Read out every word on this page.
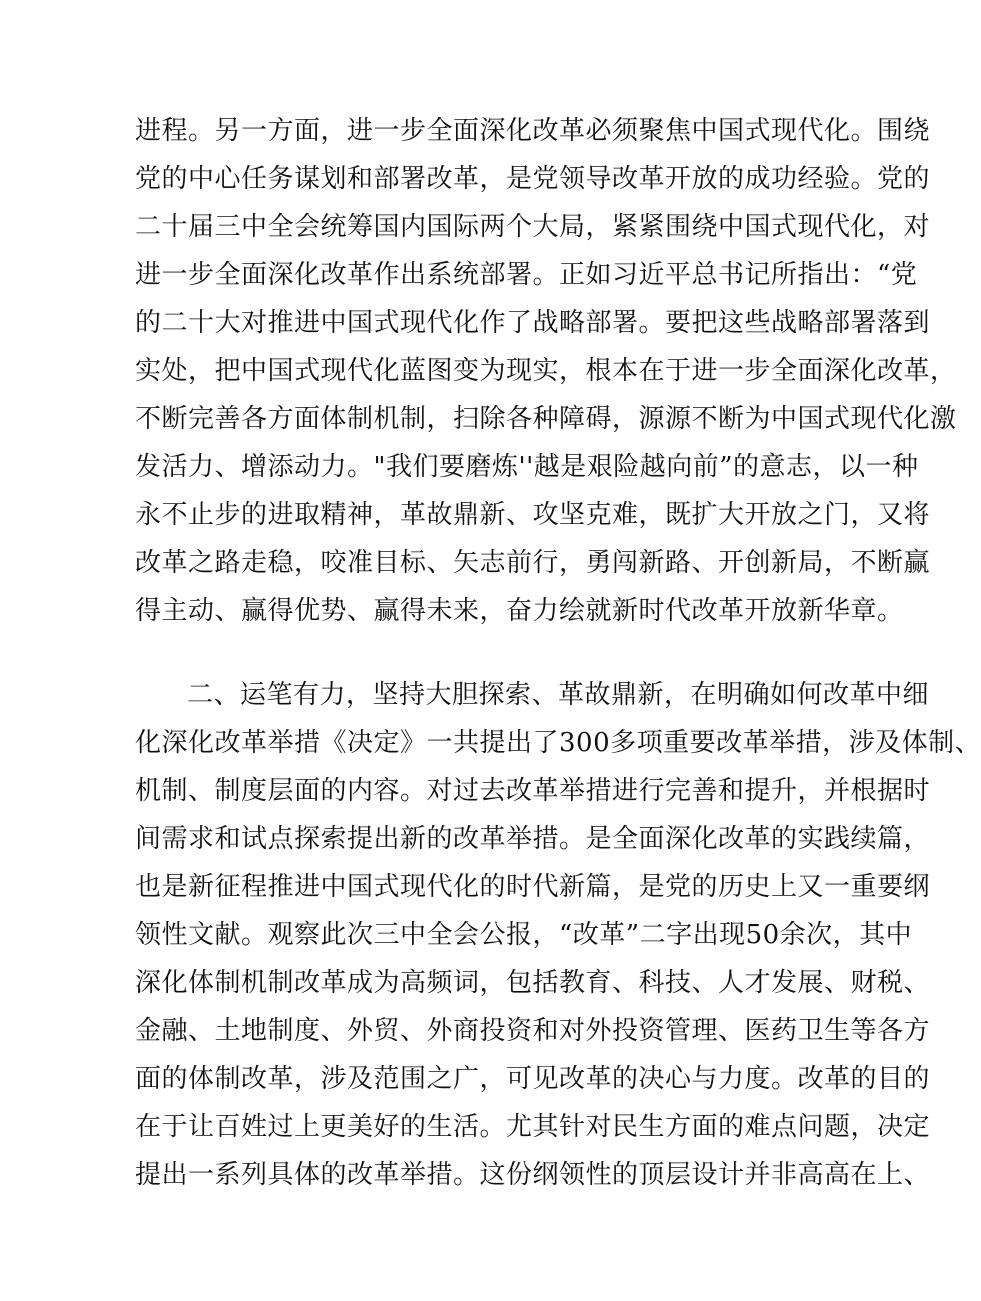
进程。另一方面，进一步全面深化改革必须聚焦中国式现代化。围绕
党的中心任务谋划和部署改革，是党领导改革开放的成功经验。党的
二十届三中全会统筹国内国际两个大局，紧紧围绕中国式现代化，对
进一步全面深化改革作出系统部署。正如习近平总书记所指出：“党
的二十大对推进中国式现代化作了战略部署。要把这些战略部署落到
实处，把中国式现代化蓝图变为现实，根本在于进一步全面深化改革，
不断完善各方面体制机制，扫除各种障碍，源源不断为中国式现代化激
发活力、增添动力。"我们要磨炼''越是艰险越向前”的意志，以一种
永不止步的进取精神，革故鼎新、攻坚克难，既扩大开放之门，又将
改革之路走稳，咬准目标、矢志前行，勇闯新路、开创新局，不断赢
得主动、赢得优势、赢得未来，奋力绘就新时代改革开放新华章。
二、运笔有力，坚持大胆探索、革故鼎新，在明确如何改革中细
化深化改革举措《决定》一共提出了300多项重要改革举措，涉及体制、
机制、制度层面的内容。对过去改革举措进行完善和提升，并根据时
间需求和试点探索提出新的改革举措。是全面深化改革的实践续篇，
也是新征程推进中国式现代化的时代新篇，是党的历史上又一重要纲
领性文献。观察此次三中全会公报，“改革”二字出现50余次，其中
深化体制机制改革成为高频词，包括教育、科技、人才发展、财税、
金融、土地制度、外贸、外商投资和对外投资管理、医药卫生等各方
面的体制改革，涉及范围之广，可见改革的决心与力度。改革的目的
在于让百姓过上更美好的生活。尤其针对民生方面的难点问题，决定
提出一系列具体的改革举措。这份纲领性的顶层设计并非高高在上、
